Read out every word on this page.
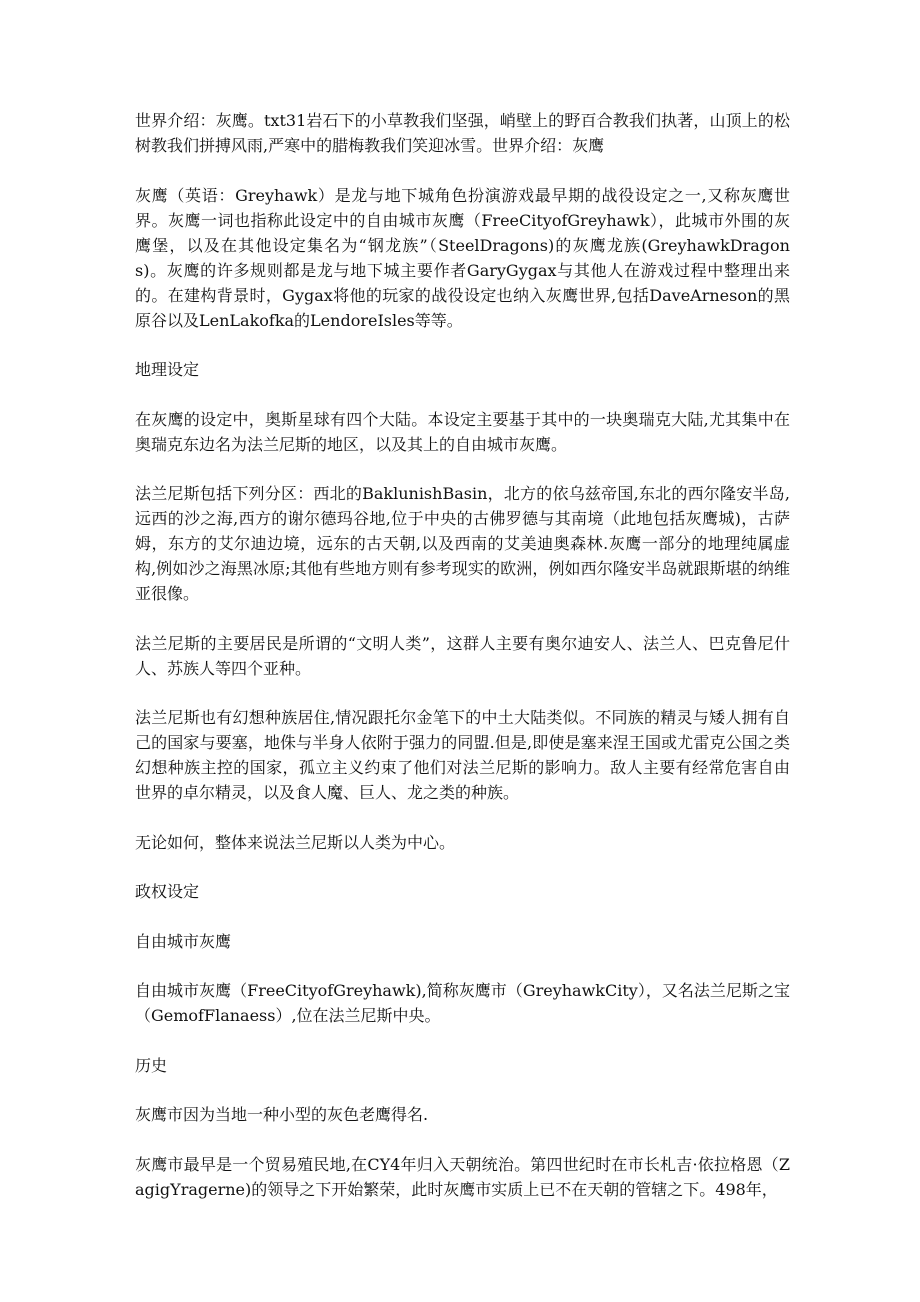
世界介绍：灰鹰。txt31岩石下的小草教我们坚强，峭壁上的野百合教我们执著，山顶上的松树教我们拼搏风雨,严寒中的腊梅教我们笑迎冰雪。世界介绍：灰鹰

灰鹰（英语：Greyhawk）是龙与地下城角色扮演游戏最早期的战役设定之一,又称灰鹰世界。灰鹰一词也指称此设定中的自由城市灰鹰（FreeCityofGreyhawk），此城市外围的灰鹰堡，以及在其他设定集名为“钢龙族”（SteelDragons)的灰鹰龙族(GreyhawkDragons)。灰鹰的许多规则都是龙与地下城主要作者GaryGygax与其他人在游戏过程中整理出来的。在建构背景时，Gygax将他的玩家的战役设定也纳入灰鹰世界,包括DaveArneson的黑原谷以及LenLakofka的LendoreIsles等等。

地理设定

在灰鹰的设定中，奥斯星球有四个大陆。本设定主要基于其中的一块奥瑞克大陆,尤其集中在奥瑞克东边名为法兰尼斯的地区，以及其上的自由城市灰鹰。

法兰尼斯包括下列分区：西北的BaklunishBasin，北方的依乌兹帝国,东北的西尔隆安半岛,远西的沙之海,西方的谢尔德玛谷地,位于中央的古佛罗德与其南境（此地包括灰鹰城)，古萨姆，东方的艾尔迪边境，远东的古天朝,以及西南的艾美迪奥森林.灰鹰一部分的地理纯属虚构,例如沙之海黑冰原;其他有些地方则有参考现实的欧洲，例如西尔隆安半岛就跟斯堪的纳维亚很像。

法兰尼斯的主要居民是所谓的“文明人类”，这群人主要有奥尔迪安人、法兰人、巴克鲁尼什人、苏族人等四个亚种。

法兰尼斯也有幻想种族居住,情况跟托尔金笔下的中土大陆类似。不同族的精灵与矮人拥有自己的国家与要塞，地侏与半身人依附于强力的同盟.但是,即使是塞来涅王国或尤雷克公国之类幻想种族主控的国家，孤立主义约束了他们对法兰尼斯的影响力。敌人主要有经常危害自由世界的卓尔精灵，以及食人魔、巨人、龙之类的种族。

无论如何，整体来说法兰尼斯以人类为中心。

政权设定

自由城市灰鹰

自由城市灰鹰（FreeCityofGreyhawk),简称灰鹰市（GreyhawkCity），又名法兰尼斯之宝（GemofFlanaess）,位在法兰尼斯中央。

历史

灰鹰市因为当地一种小型的灰色老鹰得名.

灰鹰市最早是一个贸易殖民地,在CY4年归入天朝统治。第四世纪时在市长札吉·依拉格恩（ZagigYragerne)的领导之下开始繁荣，此时灰鹰市实质上已不在天朝的管辖之下。498年，
